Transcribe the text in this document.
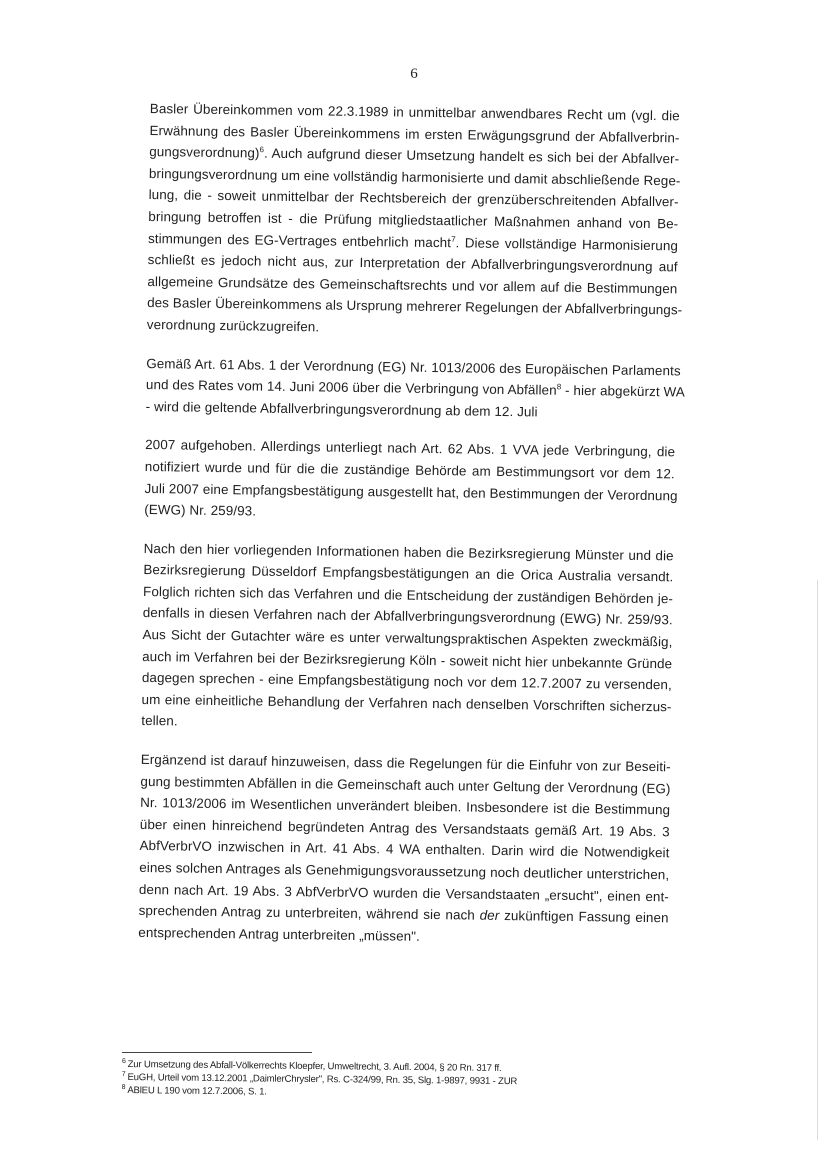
6
Basler Übereinkommen vom 22.3.1989 in unmittelbar anwendbares Recht um (vgl. die
Erwähnung des Basler Übereinkommens im ersten Erwägungsgrund der Abfallverbrin-
gungsverordnung)$^6$. Auch aufgrund dieser Umsetzung handelt es sich bei der Abfallver-
bringungsverordnung um eine vollständig harmonisierte und damit abschließende Rege-
lung, die - soweit unmittelbar der Rechtsbereich der grenzüberschreitenden Abfallver-
bringung betroffen ist - die Prüfung mitgliedstaatlicher Maßnahmen anhand von Be-
stimmungen des EG-Vertrages entbehrlich macht$^7$. Diese vollständige Harmonisierung
schließt es jedoch nicht aus, zur Interpretation der Abfallverbringungsverordnung auf
allgemeine Grundsätze des Gemeinschaftsrechts und vor allem auf die Bestimmungen
des Basler Übereinkommens als Ursprung mehrerer Regelungen der Abfallverbringungs-
verordnung zurückzugreifen.
Gemäß Art. 61 Abs. 1 der Verordnung (EG) Nr. 1013/2006 des Europäischen Parlaments
und des Rates vom 14. Juni 2006 über die Verbringung von Abfällen$^8$ - hier abgekürzt WA
- wird die geltende Abfallverbringungsverordnung ab dem 12. Juli
2007 aufgehoben. Allerdings unterliegt nach Art. 62 Abs. 1 VVA jede Verbringung, die
notifiziert wurde und für die die zuständige Behörde am Bestimmungsort vor dem 12.
Juli 2007 eine Empfangsbestätigung ausgestellt hat, den Bestimmungen der Verordnung
(EWG) Nr. 259/93.
Nach den hier vorliegenden Informationen haben die Bezirksregierung Münster und die
Bezirksregierung Düsseldorf Empfangsbestätigungen an die Orica Australia versandt.
Folglich richten sich das Verfahren und die Entscheidung der zuständigen Behörden je-
denfalls in diesen Verfahren nach der Abfallverbringungsverordnung (EWG) Nr. 259/93.
Aus Sicht der Gutachter wäre es unter verwaltungspraktischen Aspekten zweckmäßig,
auch im Verfahren bei der Bezirksregierung Köln - soweit nicht hier unbekannte Gründe
dagegen sprechen - eine Empfangsbestätigung noch vor dem 12.7.2007 zu versenden,
um eine einheitliche Behandlung der Verfahren nach denselben Vorschriften sicherzus-
tellen.
Ergänzend ist darauf hinzuweisen, dass die Regelungen für die Einfuhr von zur Beseiti-
gung bestimmten Abfällen in die Gemeinschaft auch unter Geltung der Verordnung (EG)
Nr. 1013/2006 im Wesentlichen unverändert bleiben. Insbesondere ist die Bestimmung
über einen hinreichend begründeten Antrag des Versandstaats gemäß Art. 19 Abs. 3
AbfVerbrVO inzwischen in Art. 41 Abs. 4 WA enthalten. Darin wird die Notwendigkeit
eines solchen Antrages als Genehmigungsvoraussetzung noch deutlicher unterstrichen,
denn nach Art. 19 Abs. 3 AbfVerbrVO wurden die Versandstaaten „ersucht", einen ent-
sprechenden Antrag zu unterbreiten, während sie nach der zukünftigen Fassung einen
entsprechenden Antrag unterbreiten „müssen".
$^6$ Zur Umsetzung des Abfall-Völkerrechts Kloepfer, Umweltrecht, 3. Aufl. 2004, § 20 Rn. 317 ff.
$^7$ EuGH, Urteil vom 13.12.2001 „DaimlerChrysler", Rs. C-324/99, Rn. 35, Slg. 1-9897, 9931 - ZUR
$^8$ ABlEU L 190 vom 12.7.2006, S. 1.
